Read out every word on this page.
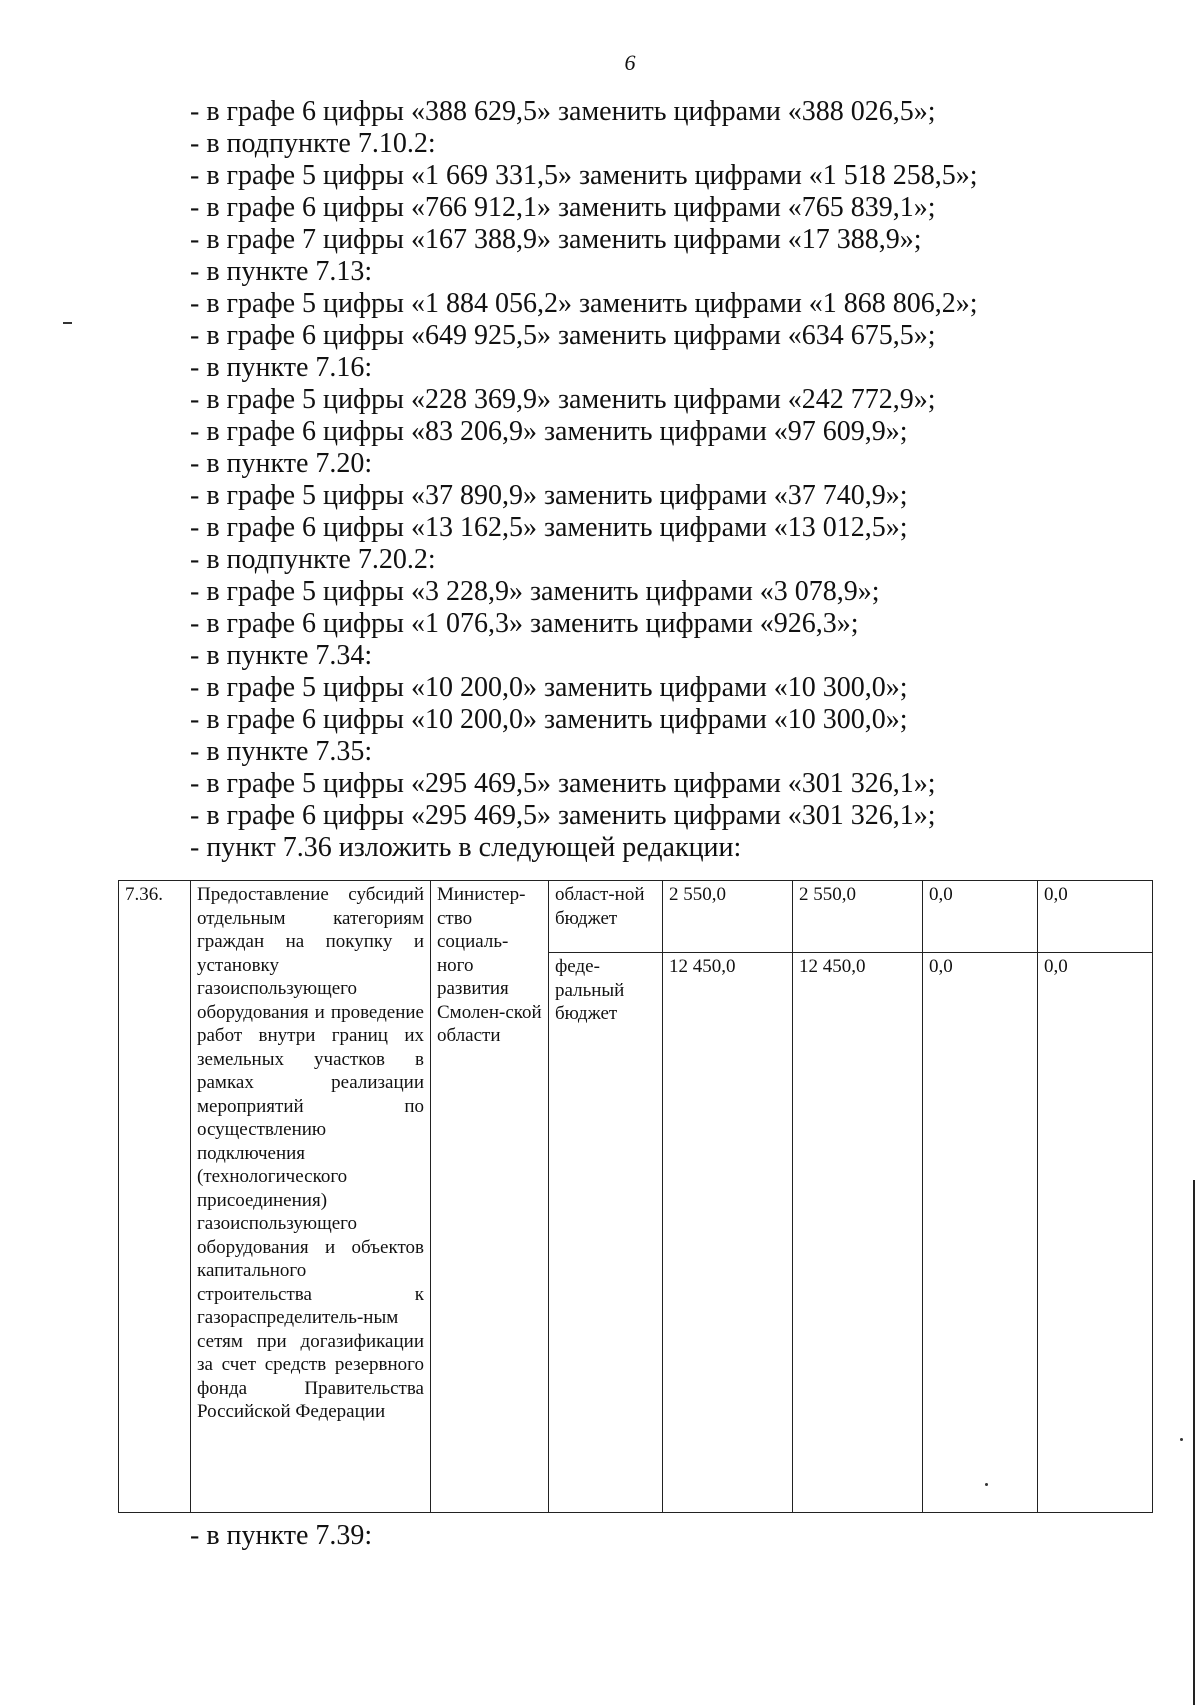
6
- в графе 6 цифры «388 629,5» заменить цифрами «388 026,5»;
- в подпункте 7.10.2:
- в графе 5 цифры «1 669 331,5» заменить цифрами «1 518 258,5»;
- в графе 6 цифры «766 912,1» заменить цифрами «765 839,1»;
- в графе 7 цифры «167 388,9» заменить цифрами «17 388,9»;
- в пункте 7.13:
- в графе 5 цифры «1 884 056,2» заменить цифрами «1 868 806,2»;
- в графе 6 цифры «649 925,5» заменить цифрами «634 675,5»;
- в пункте 7.16:
- в графе 5 цифры «228 369,9» заменить цифрами «242 772,9»;
- в графе 6 цифры «83 206,9» заменить цифрами «97 609,9»;
- в пункте 7.20:
- в графе 5 цифры «37 890,9» заменить цифрами «37 740,9»;
- в графе 6 цифры «13 162,5» заменить цифрами «13 012,5»;
- в подпункте 7.20.2:
- в графе 5 цифры «3 228,9» заменить цифрами «3 078,9»;
- в графе 6 цифры «1 076,3» заменить цифрами «926,3»;
- в пункте 7.34:
- в графе 5 цифры «10 200,0» заменить цифрами «10 300,0»;
- в графе 6 цифры «10 200,0» заменить цифрами «10 300,0»;
- в пункте 7.35:
- в графе 5 цифры «295 469,5» заменить цифрами «301 326,1»;
- в графе 6 цифры «295 469,5» заменить цифрами «301 326,1»;
- пункт 7.36 изложить в следующей редакции:
7.36.	Предоставление субсидий отдельным категориям граждан на покупку и установку газоиспользующего оборудования и проведение работ внутри границ их земельных участков в рамках реализации мероприятий по осуществлению подключения (технологического присоединения) газоиспользующего оборудования и объектов капитального строительства к газораспределитель-ным сетям при догазификации за счет средств резервного фонда Правительства Российской Федерации	Министер-ство социаль-ного развития Смолен-ской области	област-ной бюджет	2 550,0	2 550,0	0,0	0,0
			феде-ральный бюджет	12 450,0	12 450,0	0,0	0,0
- в пункте 7.39:
